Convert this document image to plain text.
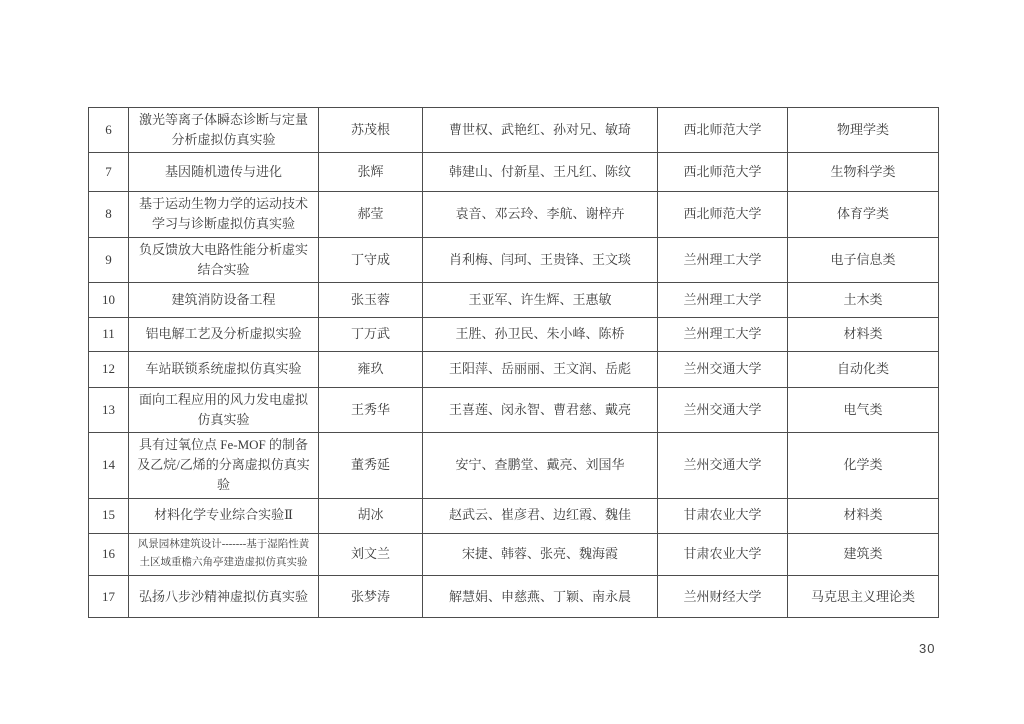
6	激光等离子体瞬态诊断与定量分析虚拟仿真实验	苏茂根	曹世权、武艳红、孙对兄、敏琦	西北师范大学	物理学类
7	基因随机遗传与进化	张辉	韩建山、付新星、王凡红、陈纹	西北师范大学	生物科学类
8	基于运动生物力学的运动技术学习与诊断虚拟仿真实验	郝莹	袁音、邓云玲、李航、谢梓卉	西北师范大学	体育学类
9	负反馈放大电路性能分析虚实结合实验	丁守成	肖利梅、闫珂、王贵锋、王文琰	兰州理工大学	电子信息类
10	建筑消防设备工程	张玉蓉	王亚军、许生辉、王惠敏	兰州理工大学	土木类
11	铝电解工艺及分析虚拟实验	丁万武	王胜、孙卫民、朱小峰、陈桥	兰州理工大学	材料类
12	车站联锁系统虚拟仿真实验	雍玖	王阳萍、岳丽丽、王文润、岳彪	兰州交通大学	自动化类
13	面向工程应用的风力发电虚拟仿真实验	王秀华	王喜莲、闵永智、曹君慈、戴亮	兰州交通大学	电气类
14	具有过氧位点 Fe-MOF 的制备及乙烷/乙烯的分离虚拟仿真实验	董秀延	安宁、查鹏堂、戴亮、刘国华	兰州交通大学	化学类
15	材料化学专业综合实验Ⅱ	胡冰	赵武云、崔彦君、边红霞、魏佳	甘肃农业大学	材料类
16	风景园林建筑设计-------基于湿陷性黄土区域重檐六角亭建造虚拟仿真实验	刘文兰	宋捷、韩蓉、张亮、魏海霞	甘肃农业大学	建筑类
17	弘扬八步沙精神虚拟仿真实验	张梦涛	解慧娟、申慈燕、丁颖、南永晨	兰州财经大学	马克思主义理论类
30
